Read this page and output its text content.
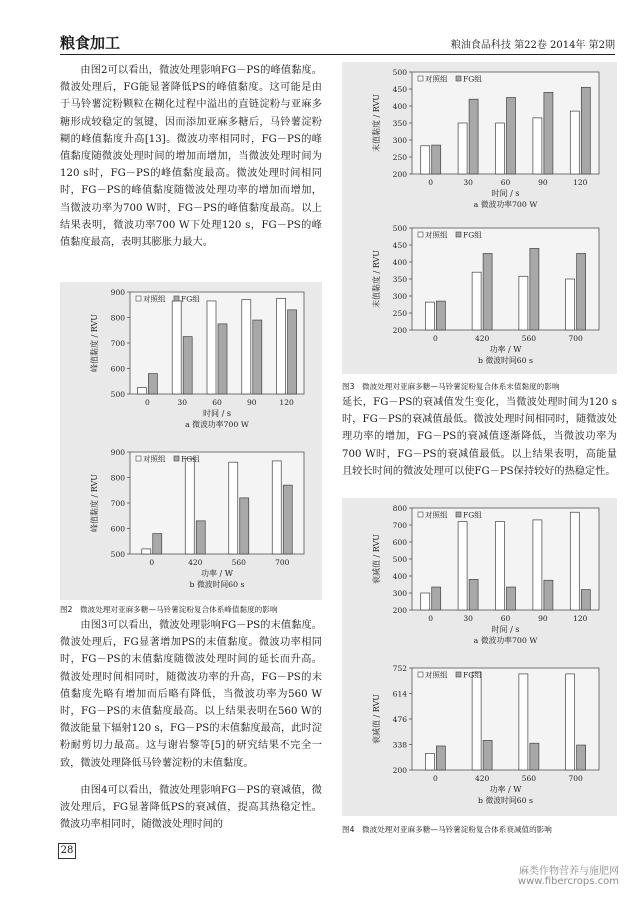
粮食加工	粮油食品科技 第22卷 2014年 第2期

由图2可以看出，微波处理影响FG－PS的峰值黏度。微波处理后，FG能显著降低PS的峰值黏度。这可能是由于马铃薯淀粉颗粒在糊化过程中溢出的直链淀粉与亚麻多糖形成较稳定的氢键，因而添加亚麻多糖后，马铃薯淀粉糊的峰值黏度升高[13]。微波功率相同时，FG－PS的峰值黏度随微波处理时间的增加而增加，当微波处理时间为120 s时，FG－PS的峰值黏度最高。微波处理时间相同时，FG－PS的峰值黏度随微波处理功率的增加而增加，当微波功率为700 W时，FG－PS的峰值黏度最高。以上结果表明，微波功率700 W下处理120 s，FG－PS的峰值黏度最高，表明其膨胀力最大。

500
600
700
800
900
峰值黏度 / RVU
0	30	60	90	120
对照组 FG组
时间 / s
a 微波功率700 W
500
600
700
800
900
峰值黏度 / RVU
0	420	560	700
对照组 FG组
功率 / W
b 微波时间60 s
图2　微波处理对亚麻多糖—马铃薯淀粉复合体系峰值黏度的影响

由图3可以看出，微波处理影响FG－PS的末值黏度。微波处理后，FG显著增加PS的末值黏度。微波功率相同时，FG－PS的末值黏度随微波处理时间的延长而升高。微波处理时间相同时，随微波功率的升高，FG－PS的末值黏度先略有增加而后略有降低，当微波功率为560 W时，FG－PS的末值黏度最高。以上结果表明在560 W的微波能量下辐射120 s，FG－PS的末值黏度最高，此时淀粉耐剪切力最高。这与谢岩黎等[5]的研究结果不完全一致，微波处理降低马铃薯淀粉的末值黏度。

由图4可以看出，微波处理影响FG－PS的衰减值，微波处理后，FG显著降低PS的衰减值，提高其热稳定性。微波功率相同时，随微波处理时间的

200
250
300
350
400
450
500
末值黏度 / RVU
0	30	60	90	120
对照组 FG组
时间 / s
a 微波功率700 W
200
250
300
350
400
450
500
末值黏度 / RVU
0	420	560	700
对照组 FG组
功率 / W
b 微波时间60 s
图3　微波处理对亚麻多糖—马铃薯淀粉复合体系末值黏度的影响

延长，FG－PS的衰减值发生变化，当微波处理时间为120 s时，FG－PS的衰减值最低。微波处理时间相同时，随微波处理功率的增加，FG－PS的衰减值逐渐降低，当微波功率为700 W时，FG－PS的衰减值最低。以上结果表明，高能量且较长时间的微波处理可以使FG－PS保持较好的热稳定性。

200
300
400
500
600
700
800
衰减值 / RVU
0	30	60	90	120
对照组 FG组
时间 / s
a 微波功率700 W
200
338
476
614
752
衰减值 / RVU
0	420	560	700
对照组 FG组
功率 / W
b 微波时间60 s
图4　微波处理对亚麻多糖—马铃薯淀粉复合体系衰减值的影响
28
麻类作物营养与施肥网
www.fibercrops.com
